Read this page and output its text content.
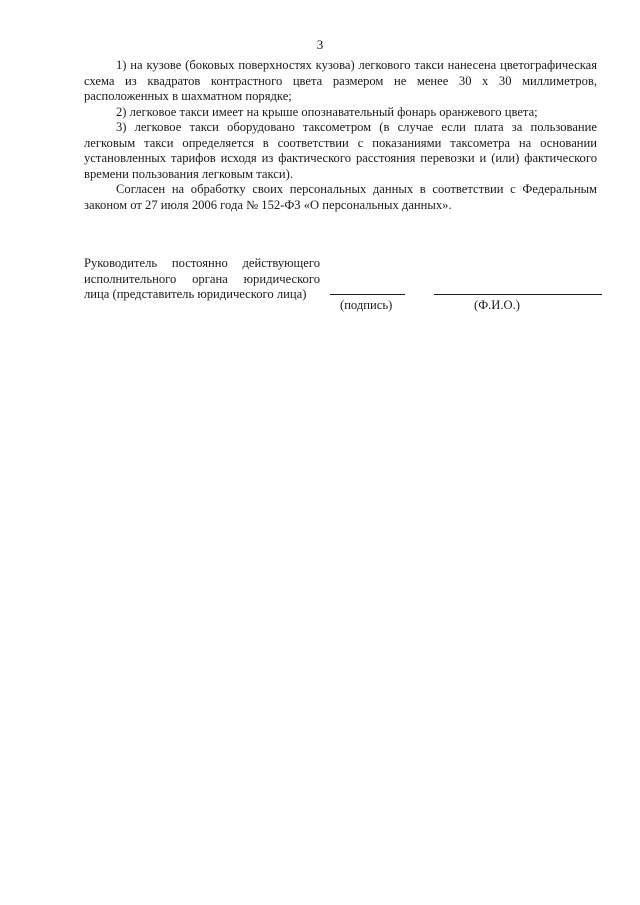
3

1) на кузове (боковых поверхностях кузова) легкового такси нанесена цветографическая схема из квадратов контрастного цвета размером не менее 30 х 30 миллиметров, расположенных в шахматном порядке;

2) легковое такси имеет на крыше опознавательный фонарь оранжевого цвета;

3) легковое такси оборудовано таксометром (в случае если плата за пользование легковым такси определяется в соответствии с показаниями таксометра на основании установленных тарифов исходя из фактического расстояния перевозки и (или) фактического времени пользования легковым такси).

Согласен на обработку своих персональных данных в соответствии с Федеральным законом от 27 июля 2006 года № 152-ФЗ «О персональных данных».

Руководитель постоянно действующего
исполнительного органа юридического
лица (представитель юридического лица)
(подпись)	(Ф.И.О.)
